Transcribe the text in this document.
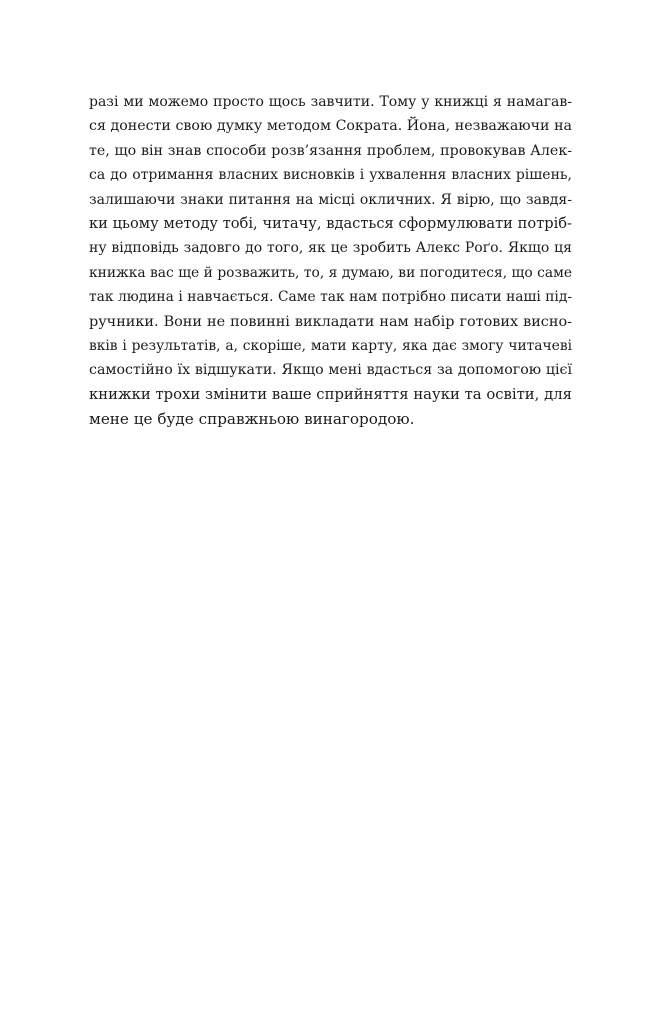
разі ми можемо просто щось завчити. Тому у книжці я намагав-
ся донести свою думку методом Сократа. Йона, незважаючи на
те, що він знав способи розв’язання проблем, провокував Алек-
са до отримання власних висновків і ухвалення власних рішень,
залишаючи знаки питання на місці окличних. Я вірю, що завдя-
ки цьому методу тобі, читачу, вдасться сформулювати потріб-
ну відповідь задовго до того, як це зробить Алекс Роґо. Якщо ця
книжка вас ще й розважить, то, я думаю, ви погодитеся, що саме
так людина і навчається. Саме так нам потрібно писати наші під-
ручники. Вони не повинні викладати нам набір готових висно-
вків і результатів, а, скоріше, мати карту, яка дає змогу читачеві
самостійно їх відшукати. Якщо мені вдасться за допомогою цієї
книжки трохи змінити ваше сприйняття науки та освіти, для
мене це буде справжньою винагородою.
